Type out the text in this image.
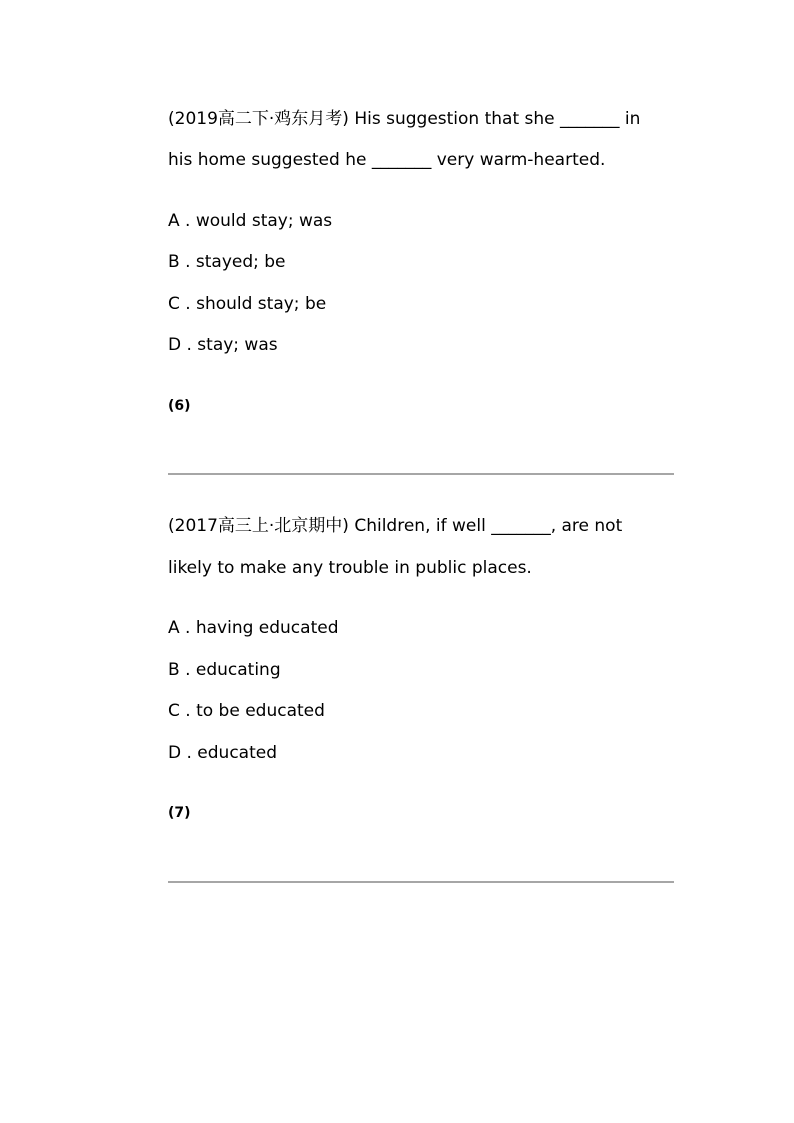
(2019高二下·鸡东月考) His suggestion that she _______ in
his home suggested he _______ very warm-hearted.
A . would stay; was
B . stayed; be
C . should stay; be
D . stay; was
(6)
(2017高三上·北京期中) Children, if well _______, are not
likely to make any trouble in public places.
A . having educated
B . educating
C . to be educated
D . educated
(7)
